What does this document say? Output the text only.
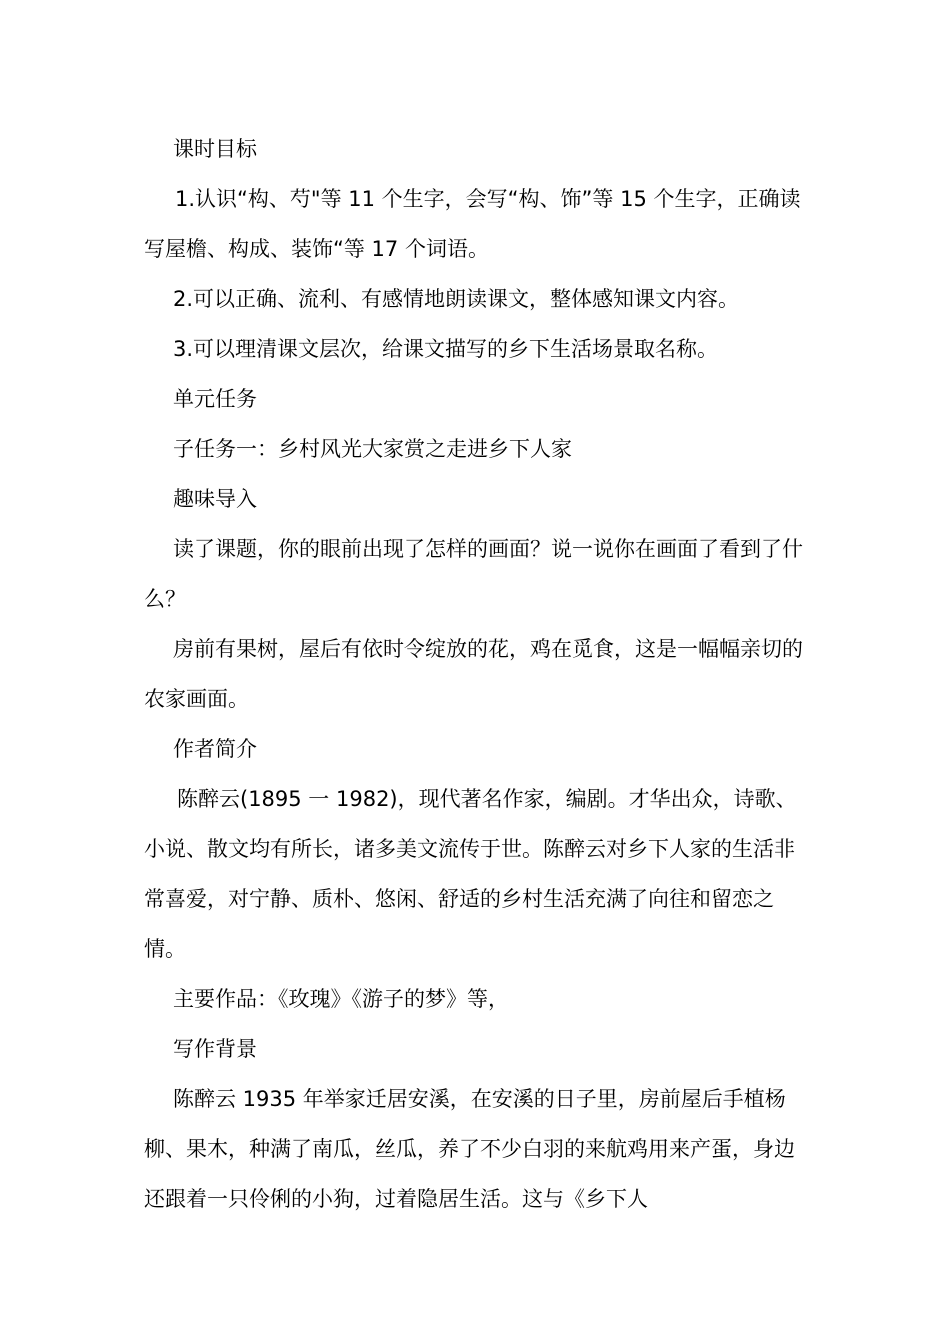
课时目标

1.认识“构、芍"等 11 个生字，会写“构、饰”等 15 个生字，正确读写屋檐、构成、装饰“等 17 个词语。

2.可以正确、流利、有感情地朗读课文，整体感知课文内容。

3.可以理清课文层次，给课文描写的乡下生活场景取名称。

单元任务

子任务一：乡村风光大家赏之走进乡下人家

趣味导入

读了课题，你的眼前出现了怎样的画面？说一说你在画面了看到了什么？

房前有果树，屋后有依时令绽放的花，鸡在觅食，这是一幅幅亲切的农家画面。

作者简介

陈醉云(1895 一 1982)，现代著名作家，编剧。才华出众，诗歌、小说、散文均有所长，诸多美文流传于世。陈醉云对乡下人家的生活非常喜爱，对宁静、质朴、悠闲、舒适的乡村生活充满了向往和留恋之情。

主要作品：《玫瑰》《游子的梦》等，

写作背景

陈醉云 1935 年举家迁居安溪，在安溪的日子里，房前屋后手植杨柳、果木，种满了南瓜，丝瓜，养了不少白羽的来航鸡用来产蛋，身边还跟着一只伶俐的小狗，过着隐居生活。这与《乡下人
